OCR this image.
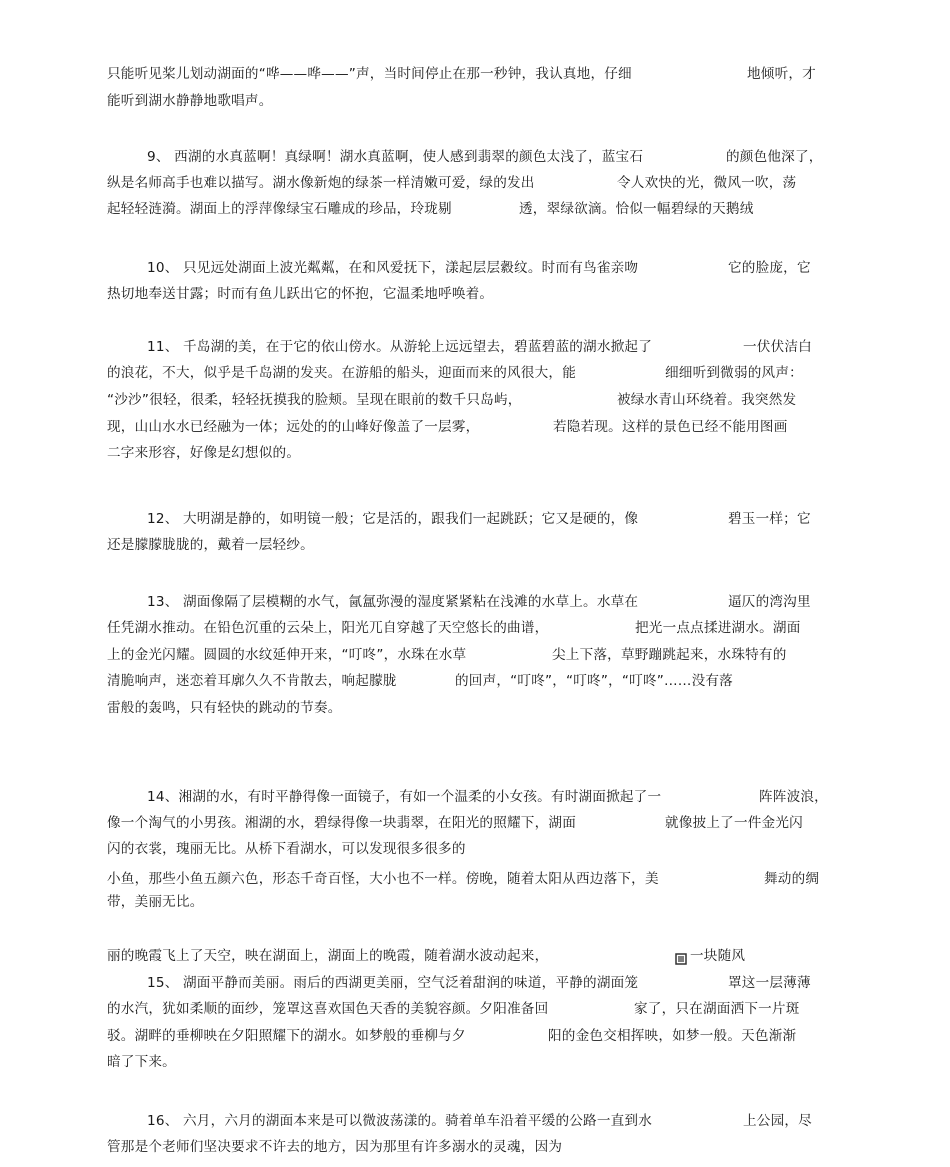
只能听见桨儿划动湖面的“哗——哗——”声，当时间停止在那一秒钟，我认真地，仔细	地倾听，才
能听到湖水静静地歌唱声。
9、 西湖的水真蓝啊！真绿啊！湖水真蓝啊，使人感到翡翠的颜色太浅了，蓝宝石	的颜色他深了，
纵是名师高手也难以描写。湖水像新炮的绿茶一样清嫩可爱，绿的发出	令人欢快的光，微风一吹，荡
起轻轻涟漪。湖面上的浮萍像绿宝石雕成的珍品，玲珑剔	透，翠绿欲滴。恰似一幅碧绿的天鹅绒
10、 只见远处湖面上波光粼粼，在和风爱抚下，漾起层层縠纹。时而有鸟雀亲吻	它的脸庞，它
热切地奉送甘露；时而有鱼儿跃出它的怀抱，它温柔地呼唤着。
11、 千岛湖的美，在于它的依山傍水。从游轮上远远望去，碧蓝碧蓝的湖水掀起了	一伏伏洁白
的浪花，不大，似乎是千岛湖的发夹。在游船的船头，迎面而来的风很大，能	细细听到微弱的风声：
“沙沙”很轻，很柔，轻轻抚摸我的脸颊。呈现在眼前的数千只岛屿，	被绿水青山环绕着。我突然发
现，山山水水已经融为一体；远处的的山峰好像盖了一层雾，	若隐若现。这样的景色已经不能用图画
二字来形容，好像是幻想似的。
12、 大明湖是静的，如明镜一般；它是活的，跟我们一起跳跃；它又是硬的，像	碧玉一样；它
还是朦朦胧胧的，戴着一层轻纱。
13、 湖面像隔了层模糊的水气，氤氲弥漫的湿度紧紧粘在浅滩的水草上。水草在	逼仄的湾沟里
任凭湖水推动。在铅色沉重的云朵上，阳光兀自穿越了天空悠长的曲谱，	把光一点点揉进湖水。湖面
上的金光闪耀。圆圆的水纹延伸开来，“叮咚”，水珠在水草	尖上下落，草野蹦跳起来，水珠特有的
清脆响声，迷恋着耳廓久久不肯散去，响起朦胧	的回声，“叮咚”，“叮咚”，“叮咚”……没有落
雷般的轰鸣，只有轻快的跳动的节奏。
14、湘湖的水，有时平静得像一面镜子，有如一个温柔的小女孩。有时湖面掀起了一	阵阵波浪，
像一个淘气的小男孩。湘湖的水，碧绿得像一块翡翠，在阳光的照耀下，湖面	就像披上了一件金光闪
闪的衣裳，瑰丽无比。从桥下看湖水，可以发现很多很多的
小鱼，那些小鱼五颜六色，形态千奇百怪，大小也不一样。傍晚，随着太阳从西边落下，美	舞动的绸
带，美丽无比。
丽的晚霞飞上了天空，映在湖面上，湖面上的晚霞，随着湖水波动起来，	一块随风
15、 湖面平静而美丽。雨后的西湖更美丽，空气泛着甜润的味道，平静的湖面笼	罩这一层薄薄
的水汽，犹如柔顺的面纱，笼罩这喜欢国色天香的美貌容颜。夕阳准备回	家了，只在湖面洒下一片斑
驳。湖畔的垂柳映在夕阳照耀下的湖水。如梦般的垂柳与夕	阳的金色交相挥映，如梦一般。天色渐渐
暗了下来。
16、 六月，六月的湖面本来是可以微波荡漾的。骑着单车沿着平缓的公路一直到水	上公园，尽
管那是个老师们坚决要求不许去的地方，因为那里有许多溺水的灵魂，因为
